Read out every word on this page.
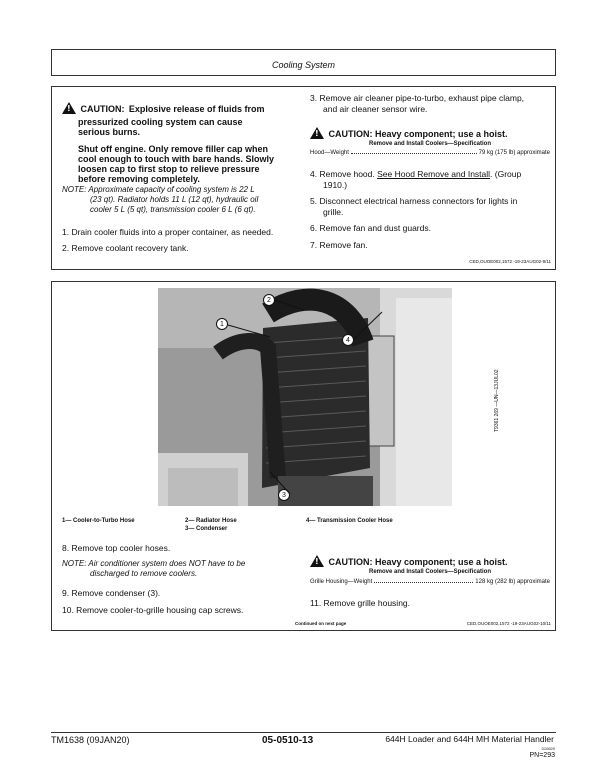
Cooling System
! CAUTION: Explosive release of fluids from
pressurized cooling system can cause
serious burns.
Shut off engine. Only remove filler cap when
cool enough to touch with bare hands. Slowly
loosen cap to first stop to relieve pressure
before removing completely.
NOTE: Approximate capacity of cooling system is 22 L
(23 qt). Radiator holds 11 L (12 qt), hydraulic oil
cooler 5 L (5 qt), transmission cooler 6 L (6 qt).
1. Drain cooler fluids into a proper container, as needed.
2. Remove coolant recovery tank.
3. Remove air cleaner pipe-to-turbo, exhaust pipe clamp,
and air cleaner sensor wire.
! CAUTION: Heavy component; use a hoist.
Remove and Install Coolers—Specification
Hood—Weight	79 kg (175 lb) approximate
4. Remove hood. See Hood Remove and Install. (Group
1910.)
5. Disconnect electrical harness connectors for lights in
grille.
6. Remove fan and dust guards.
7. Remove fan.
CED,OUOE002,1572 -19-23AUG02-9/11
1
2
3
4
T9361 269 —UN—13JUL02
1— Cooler-to-Turbo Hose	2— Radiator Hose
3— Condenser
4— Transmission Cooler Hose
8. Remove top cooler hoses.
NOTE: Air conditioner system does NOT have to be
discharged to remove coolers.
9. Remove condenser (3).
10. Remove cooler-to-grille housing cap screws.
Continued on next page
! CAUTION: Heavy component; use a hoist.
Remove and Install Coolers—Specification
Grille Housing—Weight	128 kg (282 lb) approximate
11. Remove grille housing.
CED,OUOE002,1572 -19-23AUG02-10/11
TM1638 (09JAN20)	05-0510-13	644H Loader and 644H MH Material Handler
010620
PN=293
